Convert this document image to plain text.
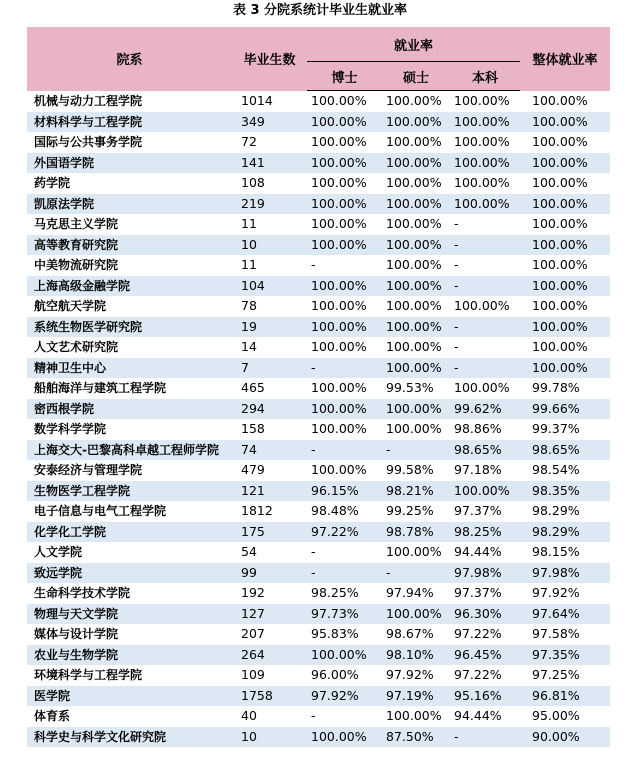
表 3 分院系统计毕业生就业率
院系	毕业生数	就业率			整体就业率
		博士	硕士	本科	
机械与动力工程学院	1014	100.00%	100.00%	100.00%	100.00%
材料科学与工程学院	349	100.00%	100.00%	100.00%	100.00%
国际与公共事务学院	72	100.00%	100.00%	100.00%	100.00%
外国语学院	141	100.00%	100.00%	100.00%	100.00%
药学院	108	100.00%	100.00%	100.00%	100.00%
凯原法学院	219	100.00%	100.00%	100.00%	100.00%
马克思主义学院	11	100.00%	100.00%	-	100.00%
高等教育研究院	10	100.00%	100.00%	-	100.00%
中美物流研究院	11	-	100.00%	-	100.00%
上海高级金融学院	104	100.00%	100.00%	-	100.00%
航空航天学院	78	100.00%	100.00%	100.00%	100.00%
系统生物医学研究院	19	100.00%	100.00%	-	100.00%
人文艺术研究院	14	100.00%	100.00%	-	100.00%
精神卫生中心	7	-	100.00%	-	100.00%
船舶海洋与建筑工程学院	465	100.00%	99.53%	100.00%	99.78%
密西根学院	294	100.00%	100.00%	99.62%	99.66%
数学科学学院	158	100.00%	100.00%	98.86%	99.37%
上海交大-巴黎高科卓越工程师学院	74	-	-	98.65%	98.65%
安泰经济与管理学院	479	100.00%	99.58%	97.18%	98.54%
生物医学工程学院	121	96.15%	98.21%	100.00%	98.35%
电子信息与电气工程学院	1812	98.48%	99.25%	97.37%	98.29%
化学化工学院	175	97.22%	98.78%	98.25%	98.29%
人文学院	54	-	100.00%	94.44%	98.15%
致远学院	99	-	-	97.98%	97.98%
生命科学技术学院	192	98.25%	97.94%	97.37%	97.92%
物理与天文学院	127	97.73%	100.00%	96.30%	97.64%
媒体与设计学院	207	95.83%	98.67%	97.22%	97.58%
农业与生物学院	264	100.00%	98.10%	96.45%	97.35%
环境科学与工程学院	109	96.00%	97.92%	97.22%	97.25%
医学院	1758	97.92%	97.19%	95.16%	96.81%
体育系	40	-	100.00%	94.44%	95.00%
科学史与科学文化研究院	10	100.00%	87.50%	-	90.00%
